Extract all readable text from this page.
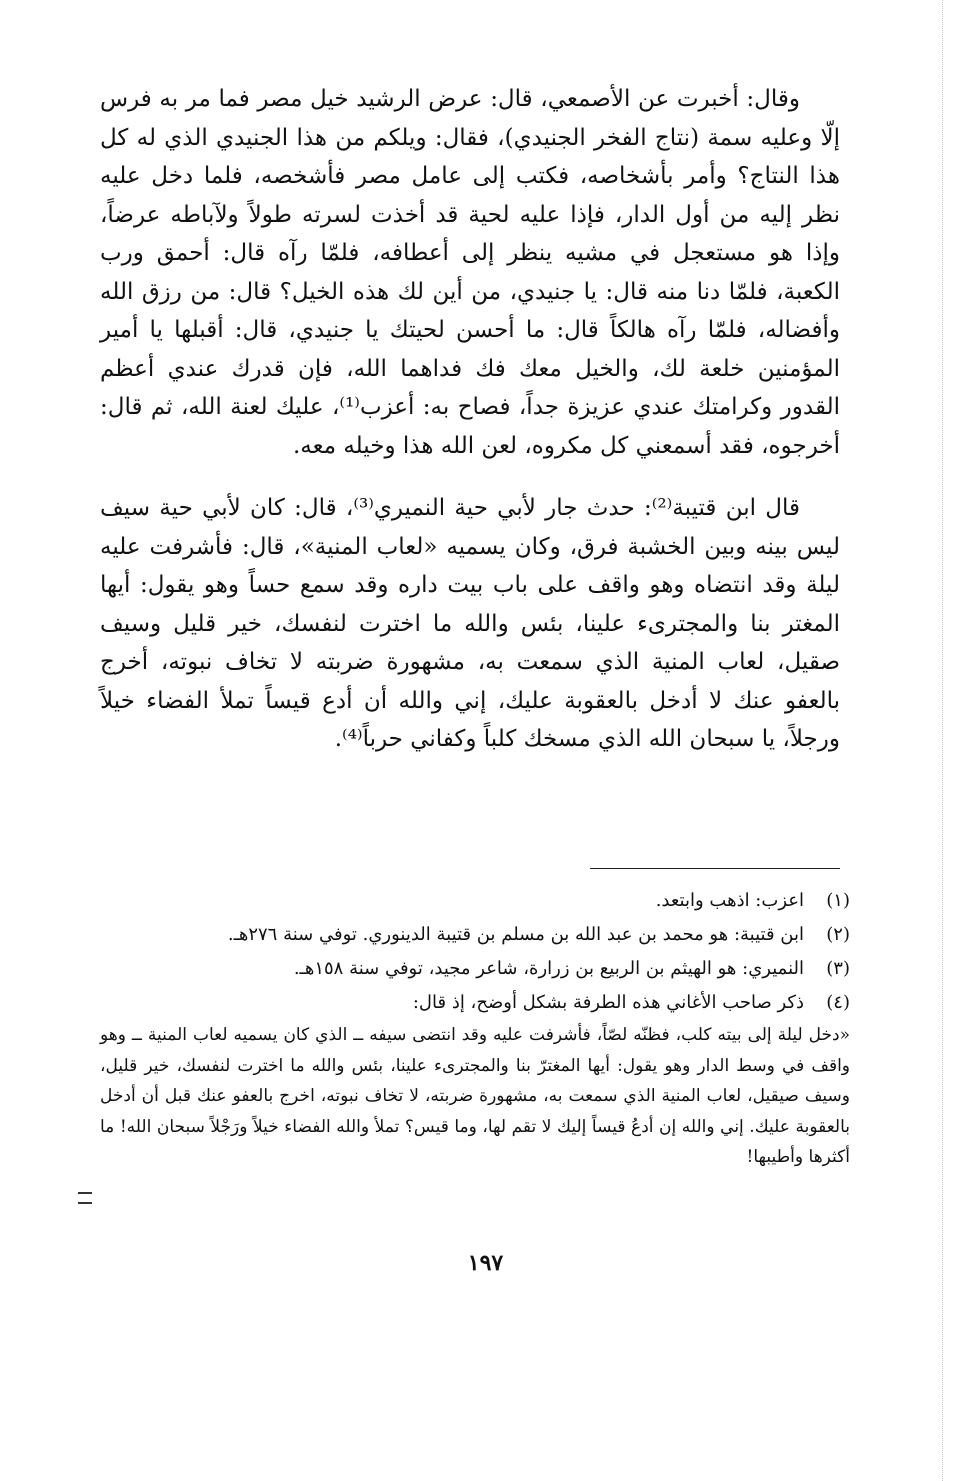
وقال: أخبرت عن الأصمعي، قال: عرض الرشيد خيل مصر فما مر به فرس إلّا وعليه سمة (نتاج الفخر الجنيدي)، فقال: ويلكم من هذا الجنيدي الذي له كل هذا النتاج؟ وأمر بأشخاصه، فكتب إلى عامل مصر فأشخصه، فلما دخل عليه نظر إليه من أول الدار، فإذا عليه لحية قد أخذت لسرته طولاً ولآباطه عرضاً، وإذا هو مستعجل في مشيه ينظر إلى أعطافه، فلمّا رآه قال: أحمق ورب الكعبة، فلمّا دنا منه قال: يا جنيدي، من أين لك هذه الخيل؟ قال: من رزق الله وأفضاله، فلمّا رآه هالكاً قال: ما أحسن لحيتك يا جنيدي، قال: أقبلها يا أمير المؤمنين خلعة لك، والخيل معك فك فداهما الله، فإن قدرك عندي أعظم القدور وكرامتك عندي عزيزة جداً، فصاح به: أعزب⁽¹⁾، عليك لعنة الله، ثم قال: أخرجوه، فقد أسمعني كل مكروه، لعن الله هذا وخيله معه.

قال ابن قتيبة⁽²⁾: حدث جار لأبي حية النميري⁽³⁾، قال: كان لأبي حية سيف ليس بينه وبين الخشبة فرق، وكان يسميه «لعاب المنية»، قال: فأشرفت عليه ليلة وقد انتضاه وهو واقف على باب بيت داره وقد سمع حساً وهو يقول: أيها المغتر بنا والمجترىء علينا، بئس والله ما اخترت لنفسك، خير قليل وسيف صقيل، لعاب المنية الذي سمعت به، مشهورة ضربته لا تخاف نبوته، أخرج بالعفو عنك لا أدخل بالعقوبة عليك، إني والله أن أدع قيساً تملأ الفضاء خيلاً ورجلاً، يا سبحان الله الذي مسخك كلباً وكفاني حرباً⁽⁴⁾.

(١)
اعزب: اذهب وابتعد.
(٢)
ابن قتيبة: هو محمد بن عبد الله بن مسلم بن قتيبة الدينوري. توفي سنة ٢٧٦هـ.
(٣)
النميري: هو الهيثم بن الربيع بن زرارة، شاعر مجيد، توفي سنة ١٥٨هـ.
(٤)
ذكر صاحب الأغاني هذه الطرفة بشكل أوضح، إذ قال:

«دخل ليلة إلى بيته كلب، فظنّه لصّاً، فأشرفت عليه وقد انتضى سيفه ــ الذي كان يسميه لعاب المنية ــ وهو واقف في وسط الدار وهو يقول: أيها المغترّ بنا والمجترىء علينا، بئس والله ما اخترت لنفسك، خير قليل، وسيف صيقيل، لعاب المنية الذي سمعت به، مشهورة ضربته، لا تخاف نبوته، اخرج بالعفو عنك قبل أن أدخل بالعقوبة عليك. إني والله إن أدعُ قيساً إليك لا تقم لها، وما قيس؟ تملأ والله الفضاء خيلاً ورَجْلاً سبحان الله! ما أكثرها وأطيبها!

١٩٧
